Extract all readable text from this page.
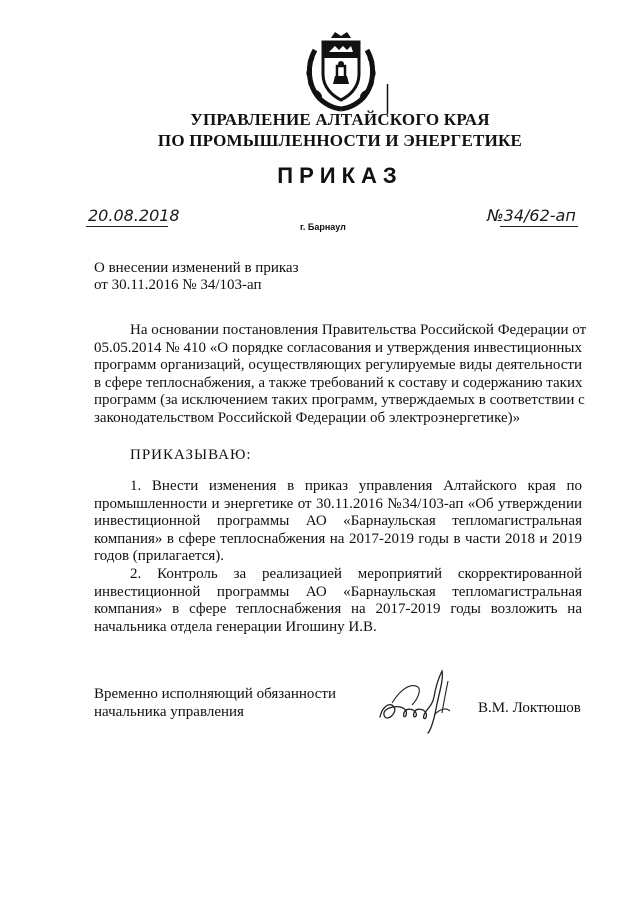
УПРАВЛЕНИЕ АЛТАЙСКОГО КРАЯ
ПО ПРОМЫШЛЕННОСТИ И ЭНЕРГЕТИКЕ
ПРИКАЗ
20.08.2018	№34/62-ап
г. Барнаул
О внесении изменений в приказ
от 30.11.2016 № 34/103-ап
На основании постановления Правительства Российской Федерации от
05.05.2014 № 410 «О порядке согласования и утверждения инвестиционных
программ организаций, осуществляющих регулируемые виды деятельности
в сфере теплоснабжения, а также требований к составу и содержанию таких
программ (за исключением таких программ, утверждаемых в соответствии с
законодательством Российской Федерации об электроэнергетике)»
ПРИКАЗЫВАЮ:
1. Внести изменения в приказ управления Алтайского края по
промышленности и энергетике от 30.11.2016 №34/103-ап «Об утверждении
инвестиционной программы АО «Барнаульская тепломагистральная
компания» в сфере теплоснабжения на 2017-2019 годы в части 2018 и 2019
годов (прилагается).
2. Контроль за реализацией мероприятий скорректированной
инвестиционной программы АО «Барнаульская тепломагистральная
компания» в сфере теплоснабжения на 2017-2019 годы возложить на
начальника отдела генерации Игошину И.В.
Временно исполняющий обязанности
начальника управления	В.М. Локтюшов
